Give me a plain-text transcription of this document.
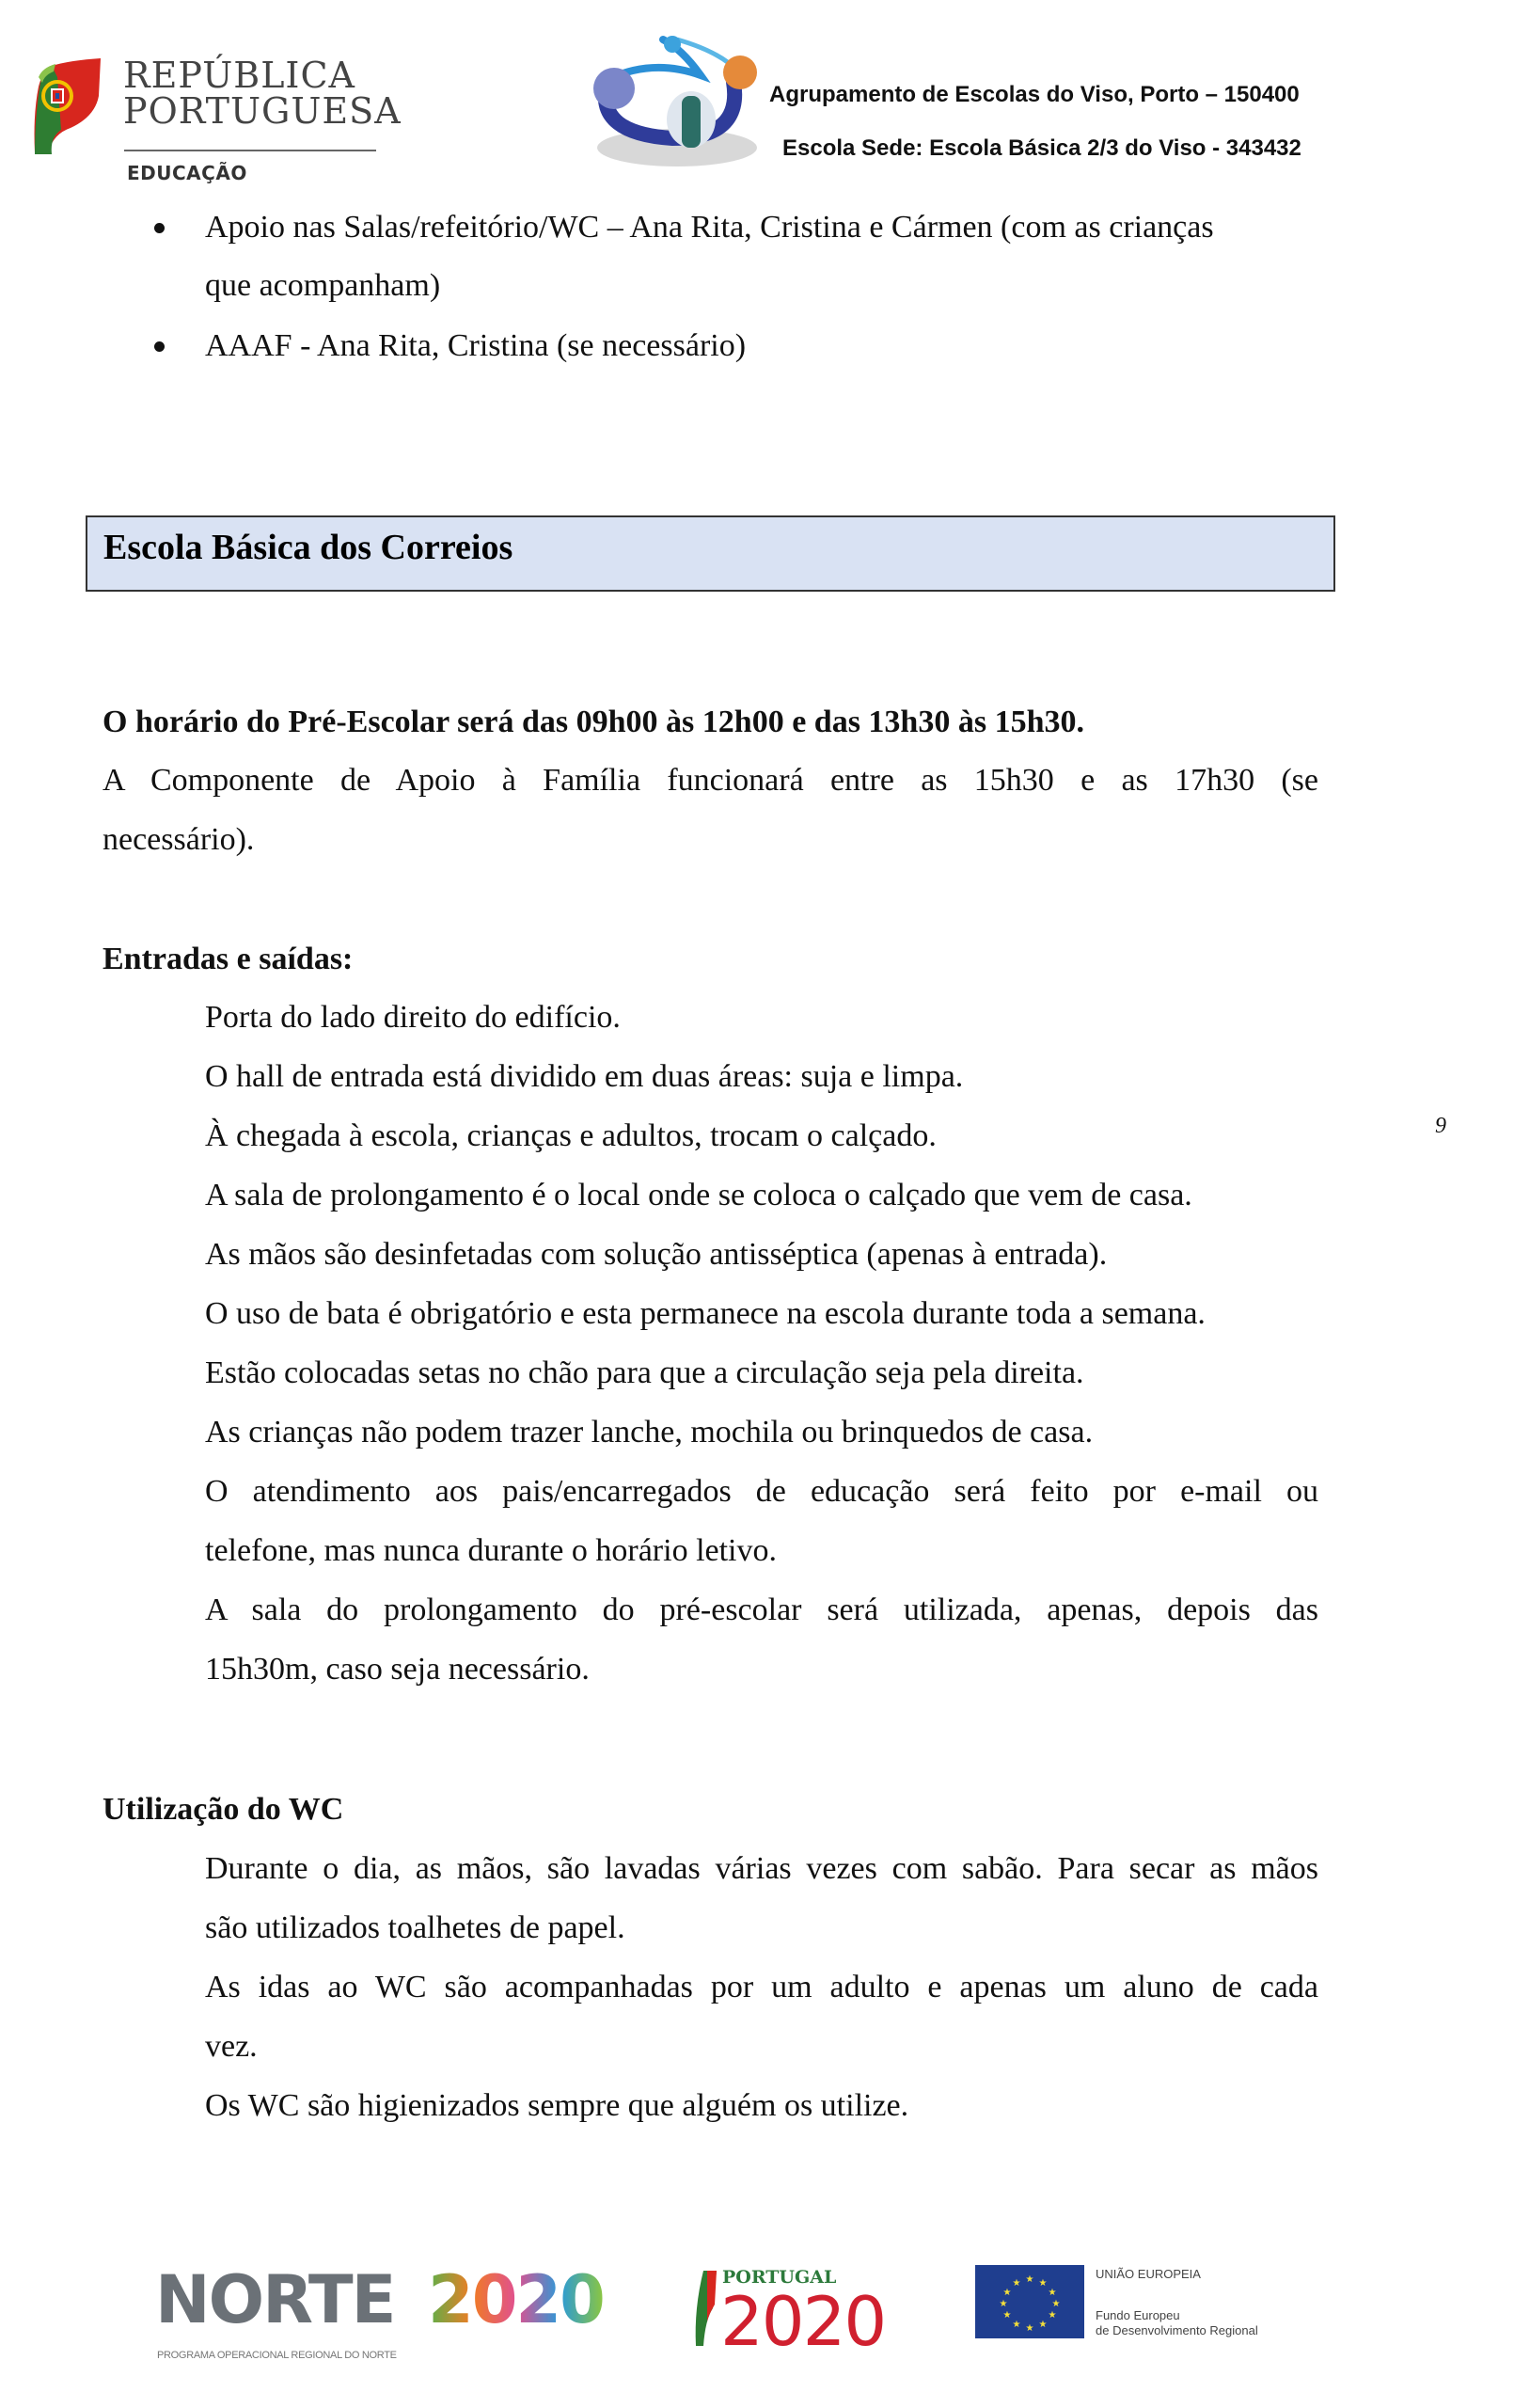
REPÚBLICA
PORTUGUESA
EDUCAÇÃO
Agrupamento de Escolas do Viso, Porto – 150400
Escola Sede: Escola Básica 2/3 do Viso - 343432
Apoio nas Salas/refeitório/WC – Ana Rita, Cristina e Cármen (com as crianças
que acompanham)
AAAF - Ana Rita, Cristina (se necessário)
Escola Básica dos Correios
O horário do Pré-Escolar será das 09h00 às 12h00 e das 13h30 às 15h30.
A Componente de Apoio à Família funcionará entre as 15h30 e as 17h30 (se
necessário).
Entradas e saídas:
Porta do lado direito do edifício.
O hall de entrada está dividido em duas áreas: suja e limpa.
À chegada à escola, crianças e adultos, trocam o calçado.
A sala de prolongamento é o local onde se coloca o calçado que vem de casa.
As mãos são desinfetadas com solução antisséptica (apenas à entrada).
O uso de bata é obrigatório e esta permanece na escola durante toda a semana.
Estão colocadas setas no chão para que a circulação seja pela direita.
As crianças não podem trazer lanche, mochila ou brinquedos de casa.
O atendimento aos pais/encarregados de educação será feito por e-mail ou
telefone, mas nunca durante o horário letivo.
A sala do prolongamento do pré-escolar será utilizada, apenas, depois das
15h30m, caso seja necessário.
9
Utilização do WC
Durante o dia, as mãos, são lavadas várias vezes com sabão. Para secar as mãos
são utilizados toalhetes de papel.
As idas ao WC são acompanhadas por um adulto e apenas um aluno de cada
vez.
Os WC são higienizados sempre que alguém os utilize.
NORTE 2020
PROGRAMA OPERACIONAL REGIONAL DO NORTE
PORTUGAL
2020
★ ★
★
★
★
★
★
★
★
★
★
★
UNIÃO EUROPEIA
Fundo Europeu
de Desenvolvimento Regional
